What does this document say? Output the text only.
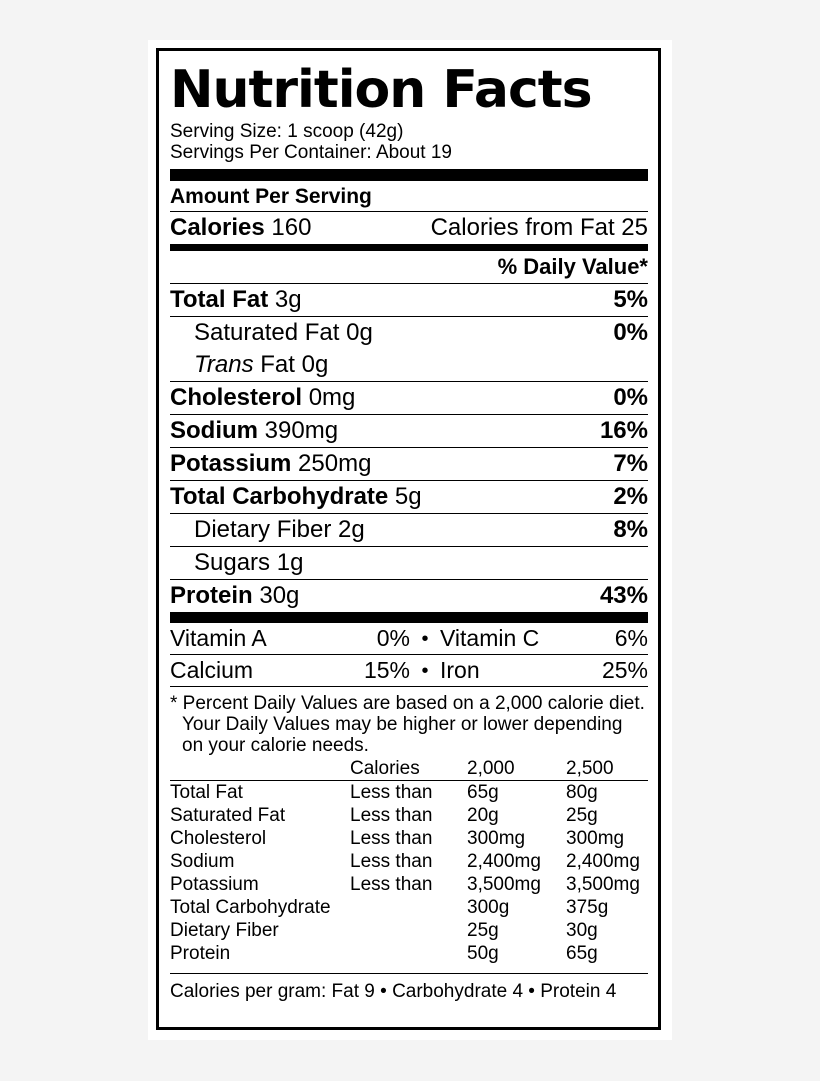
Nutrition Facts
Serving Size: 1 scoop (42g)
Servings Per Container: About 19
Amount Per Serving
Calories 160	Calories from Fat 25
% Daily Value*
Total Fat 3g	5%
Saturated Fat 0g	0%
Trans Fat 0g
Cholesterol 0mg	0%
Sodium 390mg	16%
Potassium 250mg	7%
Total Carbohydrate 5g	2%
Dietary Fiber 2g	8%
Sugars 1g
Protein 30g	43%
Vitamin A	0% • Vitamin C	6%
Calcium	15% • Iron	25%
* Percent Daily Values are based on a 2,000 calorie diet.
Your Daily Values may be higher or lower depending
on your calorie needs.
	Calories	2,000	2,500
Total Fat	Less than	65g	80g
Saturated Fat	Less than	20g	25g
Cholesterol	Less than	300mg	300mg
Sodium	Less than	2,400mg	2,400mg
Potassium	Less than	3,500mg	3,500mg
Total Carbohydrate		300g	375g
Dietary Fiber		25g	30g
Protein		50g	65g
Calories per gram: Fat 9 • Carbohydrate 4 • Protein 4
